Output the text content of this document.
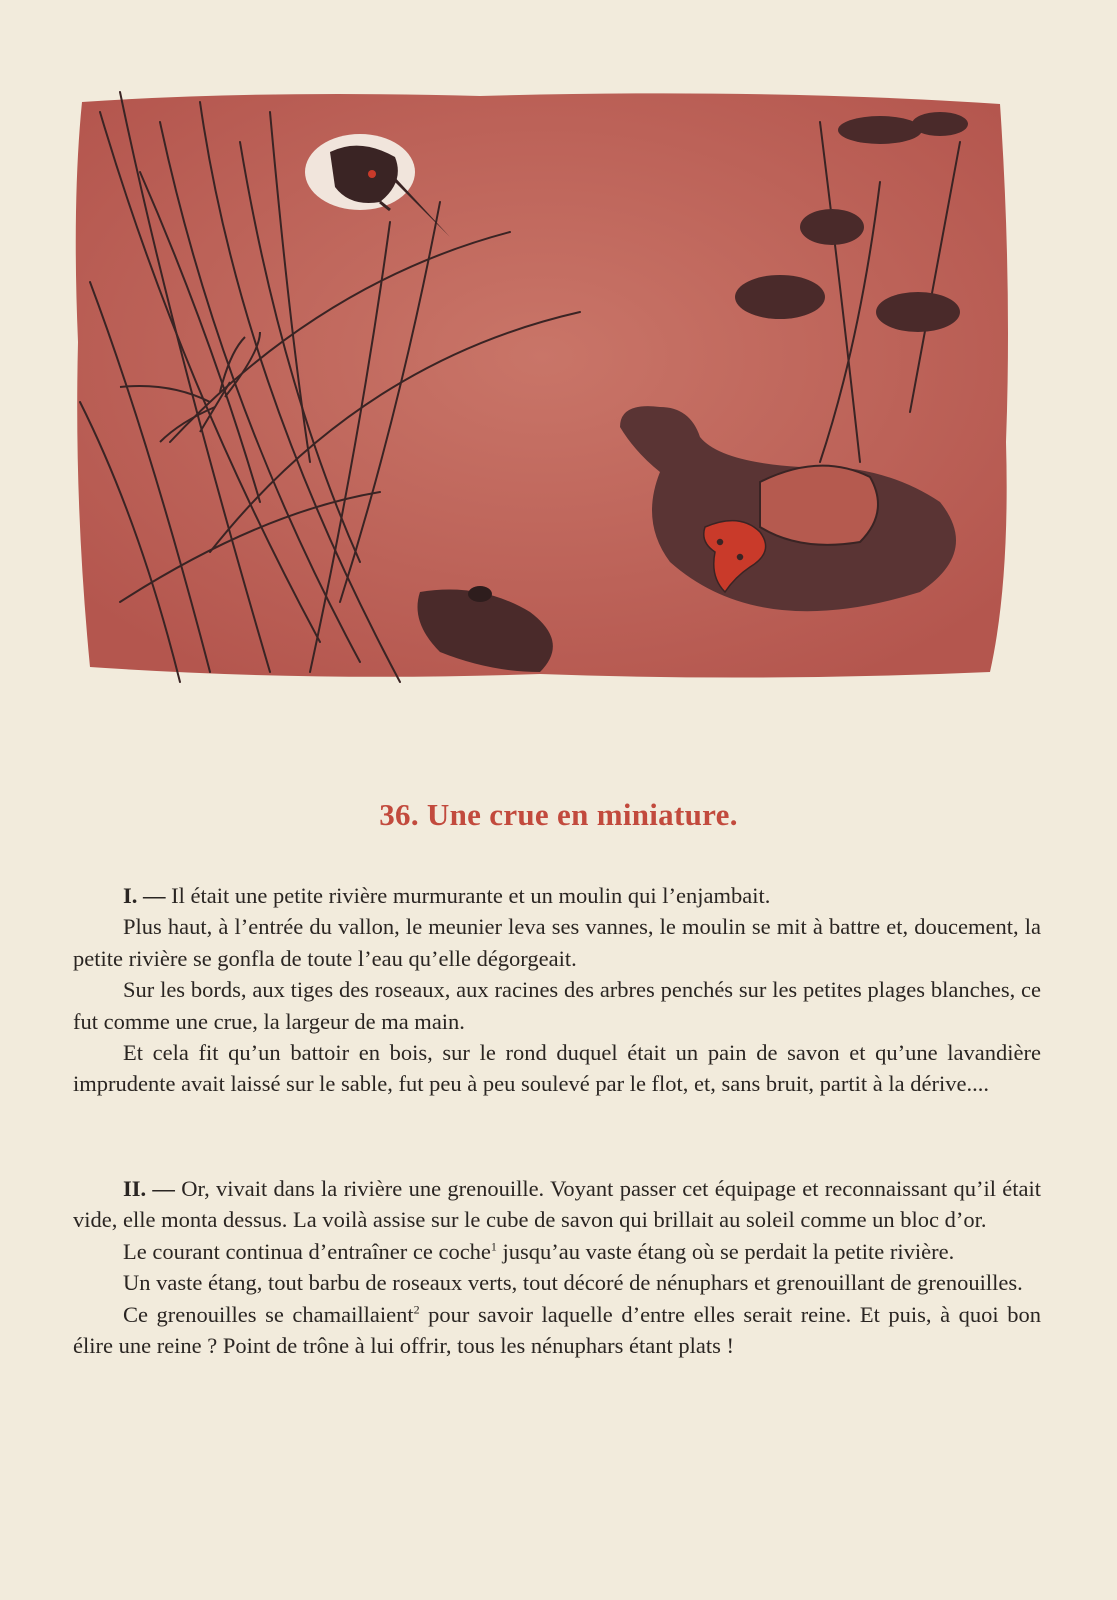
36. Une crue en miniature.

I. — Il était une petite rivière murmurante et un moulin qui l’enjambait.

Plus haut, à l’entrée du vallon, le meunier leva ses vannes, le moulin se mit à battre et, doucement, la petite rivière se gonfla de toute l’eau qu’elle dégorgeait.

Sur les bords, aux tiges des roseaux, aux racines des arbres penchés sur les petites plages blanches, ce fut comme une crue, la largeur de ma main.

Et cela fit qu’un battoir en bois, sur le rond duquel était un pain de savon et qu’une lavandière imprudente avait laissé sur le sable, fut peu à peu soulevé par le flot, et, sans bruit, partit à la dérive....

II. — Or, vivait dans la rivière une grenouille. Voyant passer cet équipage et reconnaissant qu’il était vide, elle monta dessus. La voilà assise sur le cube de savon qui brillait au soleil comme un bloc d’or.

Le courant continua d’entraîner ce coche$^1$ jusqu’au vaste étang où se perdait la petite rivière.

Un vaste étang, tout barbu de roseaux verts, tout décoré de nénuphars et grenouillant de grenouilles.

Ce grenouilles se chamaillaient$^2$ pour savoir laquelle d’entre elles serait reine. Et puis, à quoi bon élire une reine ? Point de trône à lui offrir, tous les nénuphars étant plats !
